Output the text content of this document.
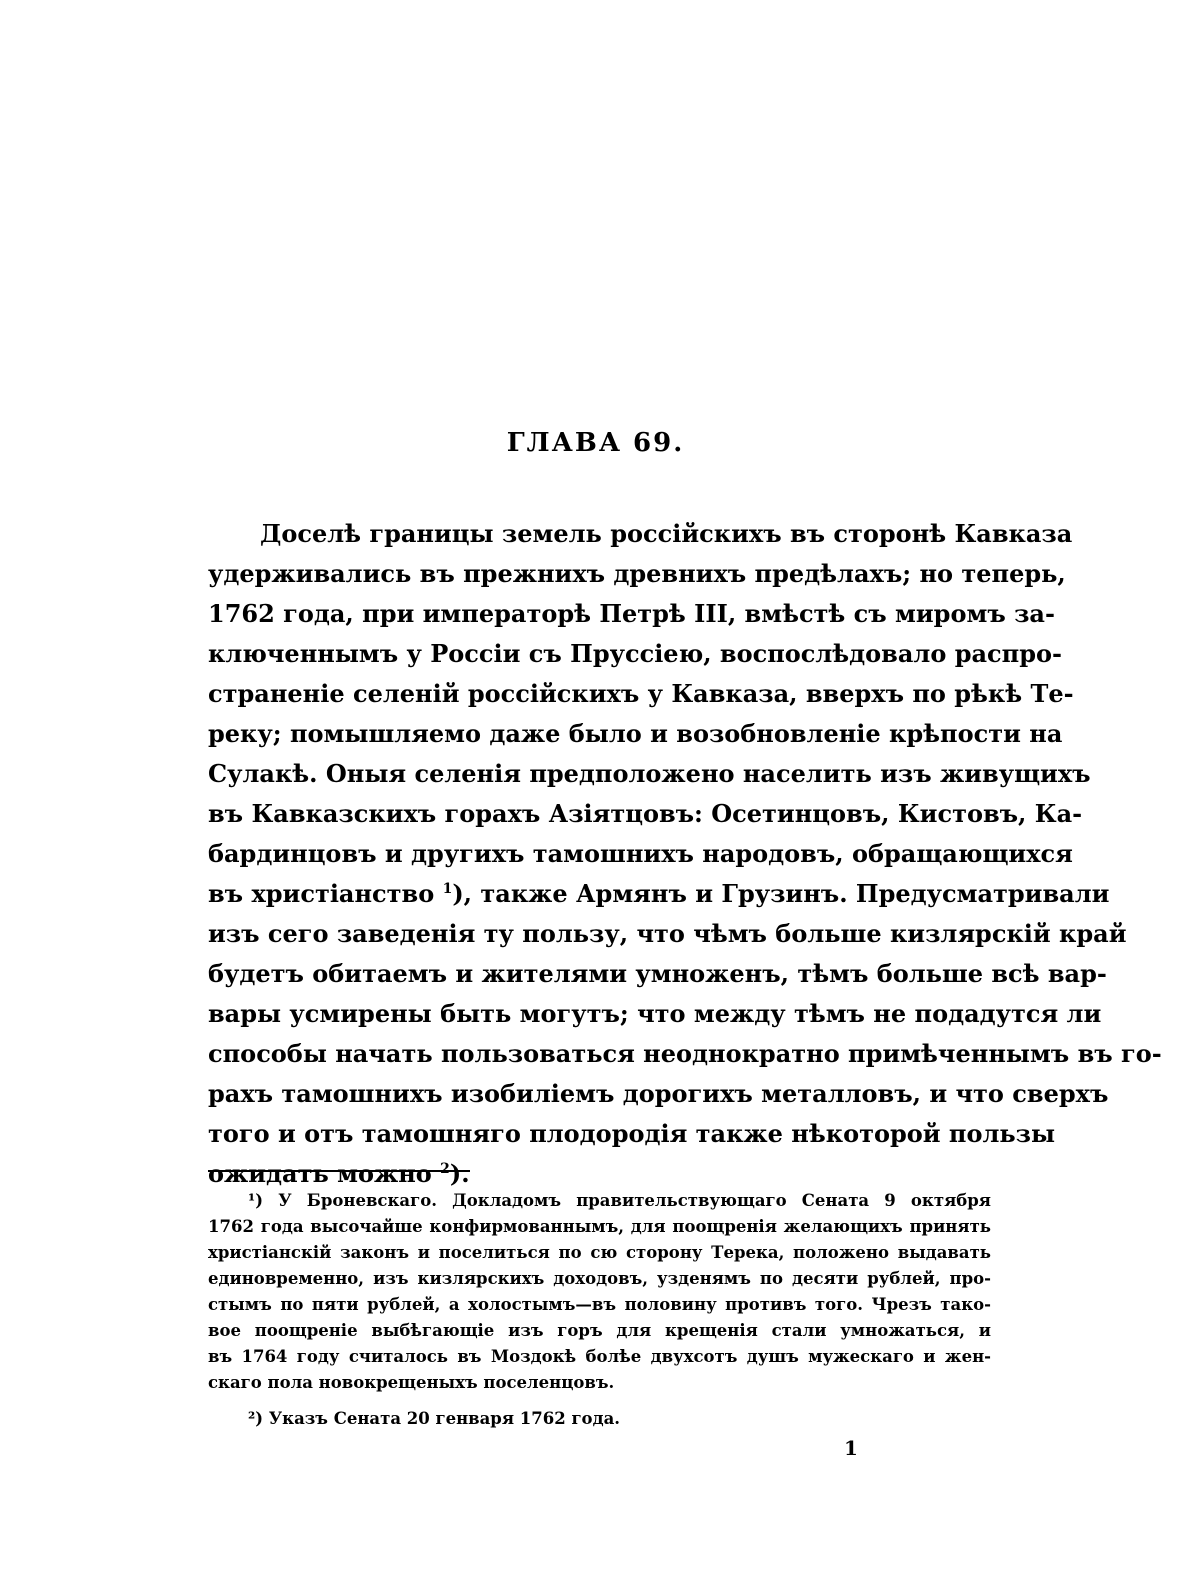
ГЛАВА 69.
Доселѣ границы земель россійскихъ въ сторонѣ Кавказа
удерживались въ прежнихъ древнихъ предѣлахъ; но теперь,
1762 года, при императорѣ Петрѣ III, вмѣстѣ съ миромъ за-
ключеннымъ у Россіи съ Пруссіею, воспослѣдовало распро-
страненіе селеній россійскихъ у Кавказа, вверхъ по рѣкѣ Те-
реку; помышляемо даже было и возобновленіе крѣпости на
Сулакѣ. Оныя селенія предположено населить изъ живущихъ
въ Кавказскихъ горахъ Азіятцовъ: Осетинцовъ, Кистовъ, Ка-
бардинцовъ и другихъ тамошнихъ народовъ, обращающихся
въ христіанство $^1$), также Армянъ и Грузинъ. Предусматривали
изъ сего заведенія ту пользу, что чѣмъ больше кизлярскій край
будетъ обитаемъ и жителями умноженъ, тѣмъ больше всѣ вар-
вары усмирены быть могутъ; что между тѣмъ не подадутся ли
способы начать пользоваться неоднократно примѣченнымъ въ го-
рахъ тамошнихъ изобиліемъ дорогихъ металловъ, и что сверхъ
того и отъ тамошняго плодородія также нѣкоторой пользы
ожидать можно $^2$).
¹) У Броневскаго. Докладомъ правительствующаго Сената 9 октября
1762 года высочайше конфирмованнымъ, для поощренія желающихъ принять
христіанскій законъ и поселиться по сю сторону Терека, положено выдавать
единовременно, изъ кизлярскихъ доходовъ, узденямъ по десяти рублей, про-
стымъ по пяти рублей, а холостымъ—въ половину противъ того. Чрезъ тако-
вое поощреніе выбѣгающіе изъ горъ для крещенія стали умножаться, и
въ 1764 году считалось въ Моздокѣ болѣе двухсотъ душъ мужескаго и жен-
скаго пола новокрещеныхъ поселенцовъ.
²) Указъ Сената 20 генваря 1762 года.
1
